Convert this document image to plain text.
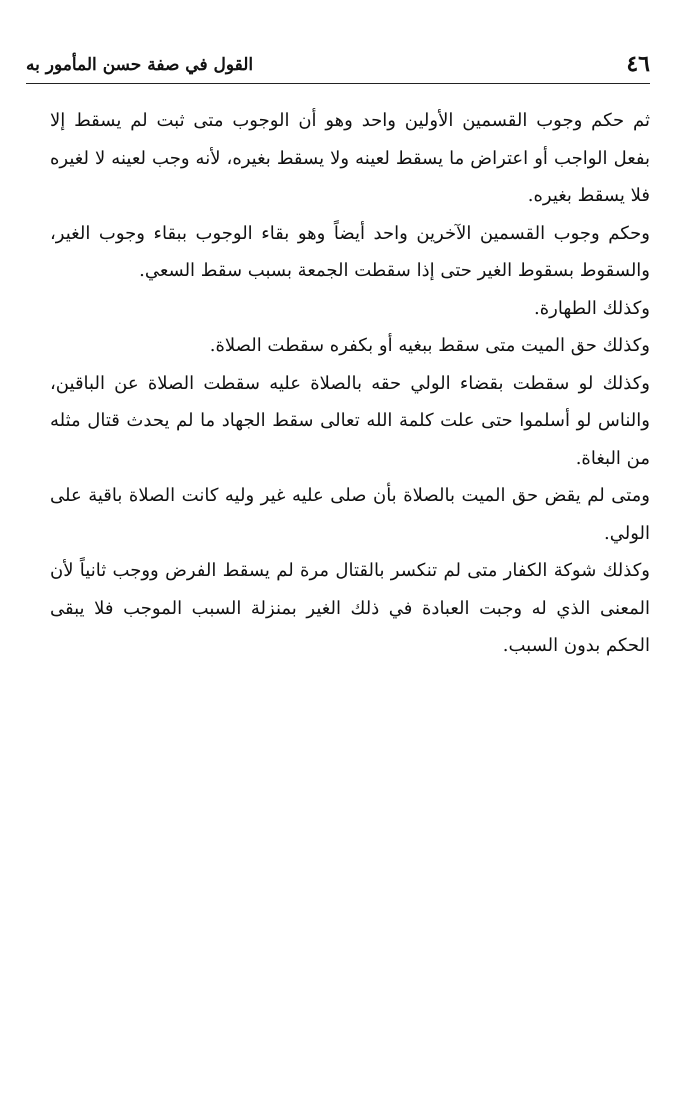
٤٦
القول في صفة حسن المأمور به

ثم حكم وجوب القسمين الأولين واحد وهو أن الوجوب متى ثبت لم يسقط إلا بفعل الواجب أو اعتراض ما يسقط لعينه ولا يسقط بغيره، لأنه وجب لعينه لا لغيره فلا يسقط بغيره.

وحكم وجوب القسمين الآخرين واحد أيضاً وهو بقاء الوجوب ببقاء وجوب الغير، والسقوط بسقوط الغير حتى إذا سقطت الجمعة بسبب سقط السعي.

وكذلك الطهارة.

وكذلك حق الميت متى سقط ببغيه أو بكفره سقطت الصلاة.

وكذلك لو سقطت بقضاء الولي حقه بالصلاة عليه سقطت الصلاة عن الباقين، والناس لو أسلموا حتى علت كلمة الله تعالى سقط الجهاد ما لم يحدث قتال مثله من البغاة.

ومتى لم يقض حق الميت بالصلاة بأن صلى عليه غير وليه كانت الصلاة باقية على الولي.

وكذلك شوكة الكفار متى لم تنكسر بالقتال مرة لم يسقط الفرض ووجب ثانياً لأن المعنى الذي له وجبت العبادة في ذلك الغير بمنزلة السبب الموجب فلا يبقى الحكم بدون السبب.
